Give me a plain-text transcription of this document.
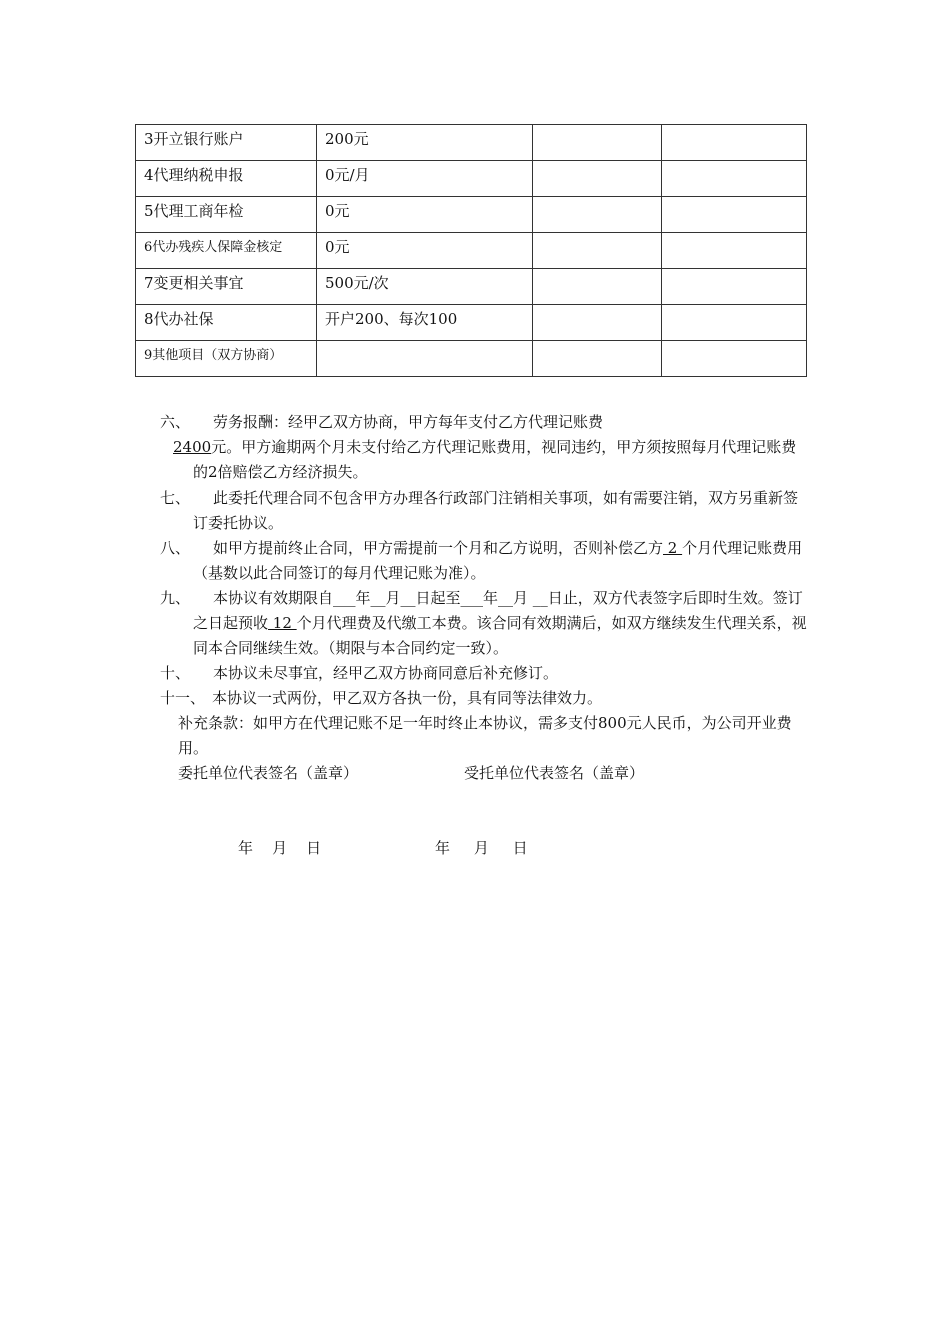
3开立银行账户	200元		
4代理纳税申报	0元/月		
5代理工商年检	0元		
6代办残疾人保障金核定	0元		
7变更相关事宜	500元/次		
8代办社保	开户200、每次100		
9其他项目（双方协商）			
六、	劳务报酬：经甲乙双方协商，甲方每年支付乙方代理记账费
2400元。甲方逾期两个月未支付给乙方代理记账费用，视同违约，甲方须按照每月代理记账费的2倍赔偿乙方经济损失。
七、	此委托代理合同不包含甲方办理各行政部门注销相关事项，如有需要注销，双方另重新签订委托协议。
八、	如甲方提前终止合同，甲方需提前一个月和乙方说明，否则补偿乙方 2 个月代理记账费用（基数以此合同签订的每月代理记账为准）。
九、	本协议有效期限自___年__月__日起至___年__月 __日止，双方代表签字后即时生效。签订之日起预收 12 个月代理费及代缴工本费。该合同有效期满后，如双方继续发生代理关系，视同本合同继续生效。（期限与本合同约定一致）。
十、	本协议未尽事宜，经甲乙双方协商同意后补充修订。
十一、 本协议一式两份，甲乙双方各执一份，具有同等法律效力。
补充条款：如甲方在代理记账不足一年时终止本协议，需多支付800元人民币，为公司开业费用。
委托单位代表签名（盖章）	受托单位代表签名（盖章）
年    月    日	年     月     日
